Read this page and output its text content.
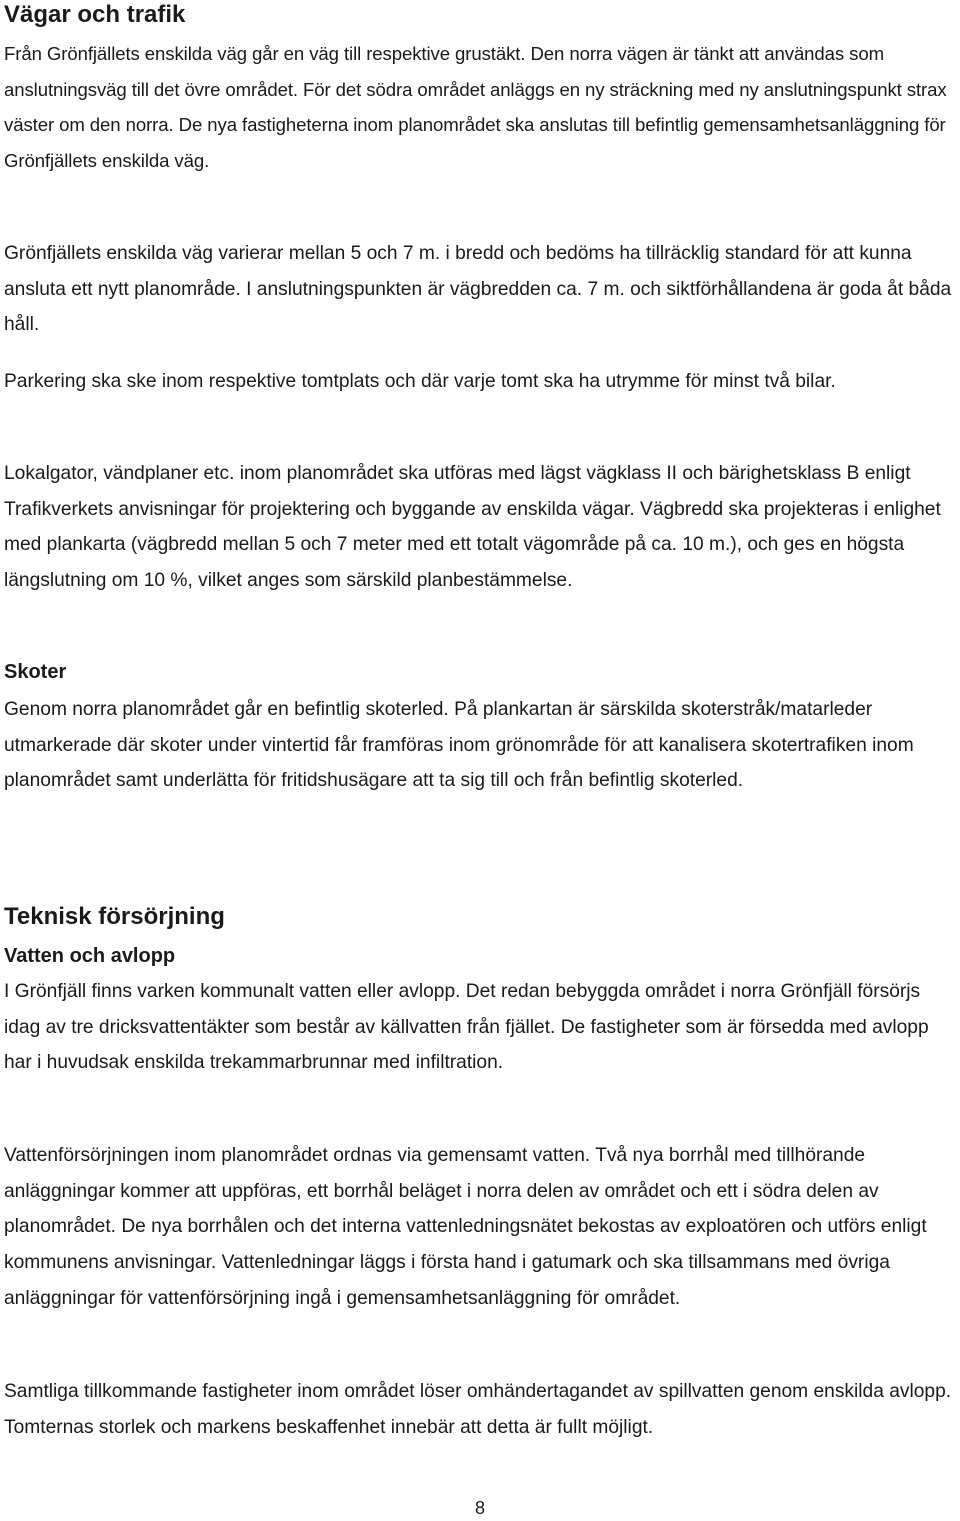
Vägar och trafik

Från Grönfjällets enskilda väg går en väg till respektive grustäkt. Den norra vägen är tänkt att användas som anslutningsväg till det övre området. För det södra området anläggs en ny sträckning med ny anslutningspunkt strax väster om den norra. De nya fastigheterna inom planområdet ska anslutas till befintlig gemensamhetsanläggning för Grönfjällets enskilda väg.

Grönfjällets enskilda väg varierar mellan 5 och 7 m. i bredd och bedöms ha tillräcklig standard för att kunna ansluta ett nytt planområde. I anslutningspunkten är vägbredden ca. 7 m. och siktförhållandena är goda åt båda håll.

Parkering ska ske inom respektive tomtplats och där varje tomt ska ha utrymme för minst två bilar.

Lokalgator, vändplaner etc. inom planområdet ska utföras med lägst vägklass II och bärighetsklass B enligt Trafikverkets anvisningar för projektering och byggande av enskilda vägar. Vägbredd ska projekteras i enlighet med plankarta (vägbredd mellan 5 och 7 meter med ett totalt vägområde på ca. 10 m.), och ges en högsta längslutning om 10 %, vilket anges som särskild planbestämmelse.

Skoter

Genom norra planområdet går en befintlig skoterled. På plankartan är särskilda skoterstråk/matarleder utmarkerade där skoter under vintertid får framföras inom grönområde för att kanalisera skotertrafiken inom planområdet samt underlätta för fritidshusägare att ta sig till och från befintlig skoterled.

Teknisk försörjning
Vatten och avlopp

I Grönfjäll finns varken kommunalt vatten eller avlopp. Det redan bebyggda området i norra Grönfjäll försörjs idag av tre dricksvattentäkter som består av källvatten från fjället. De fastigheter som är försedda med avlopp har i huvudsak enskilda trekammarbrunnar med infiltration.

Vattenförsörjningen inom planområdet ordnas via gemensamt vatten. Två nya borrhål med tillhörande anläggningar kommer att uppföras, ett borrhål beläget i norra delen av området och ett i södra delen av planområdet. De nya borrhålen och det interna vattenledningsnätet bekostas av exploatören och utförs enligt kommunens anvisningar. Vattenledningar läggs i första hand i gatumark och ska tillsammans med övriga anläggningar för vattenförsörjning ingå i gemensamhetsanläggning för området.

Samtliga tillkommande fastigheter inom området löser omhändertagandet av spillvatten genom enskilda avlopp. Tomternas storlek och markens beskaffenhet innebär att detta är fullt möjligt.

8
